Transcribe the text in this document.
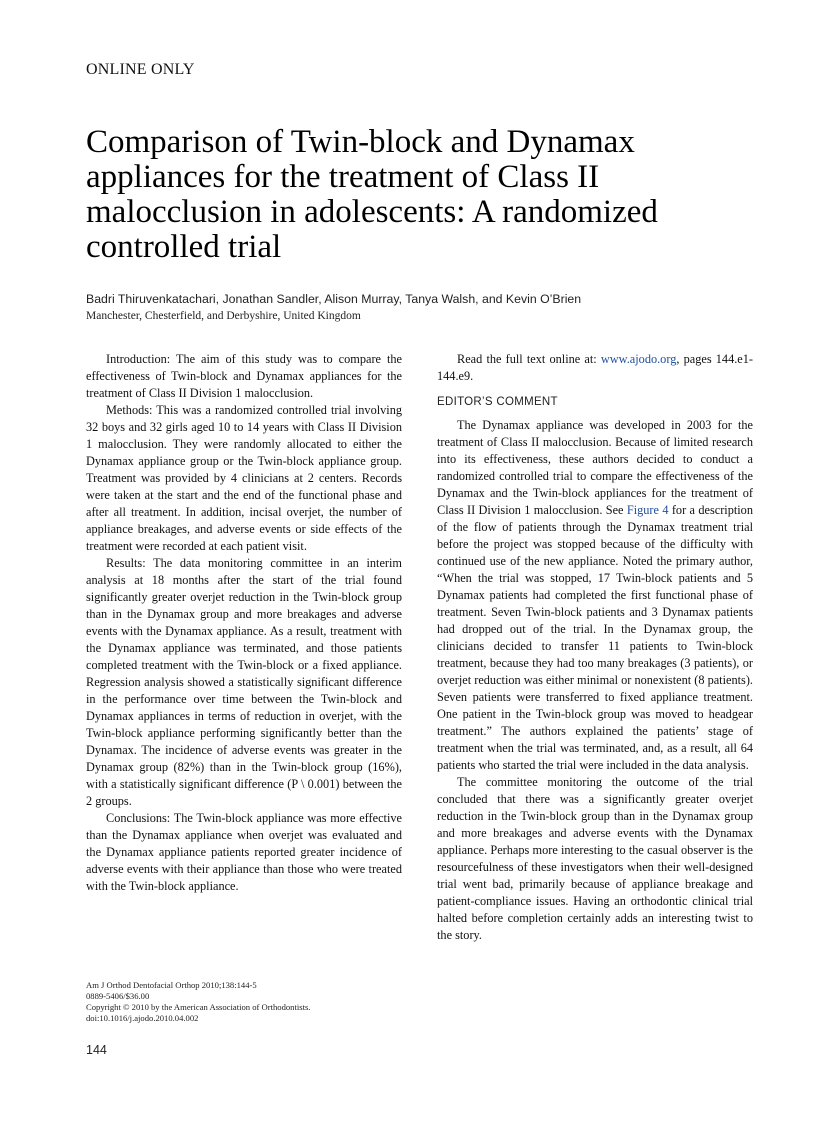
ONLINE ONLY
Comparison of Twin-block and Dynamax appliances for the treatment of Class II malocclusion in adolescents: A randomized controlled trial
Badri Thiruvenkatachari, Jonathan Sandler, Alison Murray, Tanya Walsh, and Kevin O’Brien
Manchester, Chesterfield, and Derbyshire, United Kingdom

Introduction: The aim of this study was to compare the effectiveness of Twin-block and Dynamax appliances for the treatment of Class II Division 1 malocclusion.

Methods: This was a randomized controlled trial involving 32 boys and 32 girls aged 10 to 14 years with Class II Division 1 malocclusion. They were randomly allocated to either the Dynamax appliance group or the Twin-block appliance group. Treatment was provided by 4 clinicians at 2 centers. Records were taken at the start and the end of the functional phase and after all treatment. In addition, incisal overjet, the number of appliance breakages, and adverse events or side effects of the treatment were recorded at each patient visit.

Results: The data monitoring committee in an interim analysis at 18 months after the start of the trial found significantly greater overjet reduction in the Twin-block group than in the Dynamax group and more breakages and adverse events with the Dynamax appliance. As a result, treatment with the Dynamax appliance was terminated, and those patients completed treatment with the Twin-block or a fixed appliance. Regression analysis showed a statistically significant difference in the performance over time between the Twin-block and Dynamax appliances in terms of reduction in overjet, with the Twin-block appliance performing significantly better than the Dynamax. The incidence of adverse events was greater in the Dynamax group (82%) than in the Twin-block group (16%), with a statistically significant difference (P \ 0.001) between the 2 groups.

Conclusions: The Twin-block appliance was more effective than the Dynamax appliance when overjet was evaluated and the Dynamax appliance patients reported greater incidence of adverse events with their appliance than those who were treated with the Twin-block appliance.

Am J Orthod Dentofacial Orthop 2010;138:144-5
0889-5406/$36.00
Copyright © 2010 by the American Association of Orthodontists.
doi:10.1016/j.ajodo.2010.04.002
144

Read the full text online at: www.ajodo.org, pages 144.e1-144.e9.

EDITOR’S COMMENT

The Dynamax appliance was developed in 2003 for the treatment of Class II malocclusion. Because of limited research into its effectiveness, these authors decided to conduct a randomized controlled trial to compare the effectiveness of the Dynamax and the Twin-block appliances for the treatment of Class II Division 1 malocclusion. See Figure 4 for a description of the flow of patients through the Dynamax treatment trial before the project was stopped because of the difficulty with continued use of the new appliance. Noted the primary author, “When the trial was stopped, 17 Twin-block patients and 5 Dynamax patients had completed the first functional phase of treatment. Seven Twin-block patients and 3 Dynamax patients had dropped out of the trial. In the Dynamax group, the clinicians decided to transfer 11 patients to Twin-block treatment, because they had too many breakages (3 patients), or overjet reduction was either minimal or nonexistent (8 patients). Seven patients were transferred to fixed appliance treatment. One patient in the Twin-block group was moved to headgear treatment.” The authors explained the patients’ stage of treatment when the trial was terminated, and, as a result, all 64 patients who started the trial were included in the data analysis.

The committee monitoring the outcome of the trial concluded that there was a significantly greater overjet reduction in the Twin-block group than in the Dynamax group and more breakages and adverse events with the Dynamax appliance. Perhaps more interesting to the casual observer is the resourcefulness of these investigators when their well-designed trial went bad, primarily because of appliance breakage and patient-compliance issues. Having an orthodontic clinical trial halted before completion certainly adds an interesting twist to the story.
